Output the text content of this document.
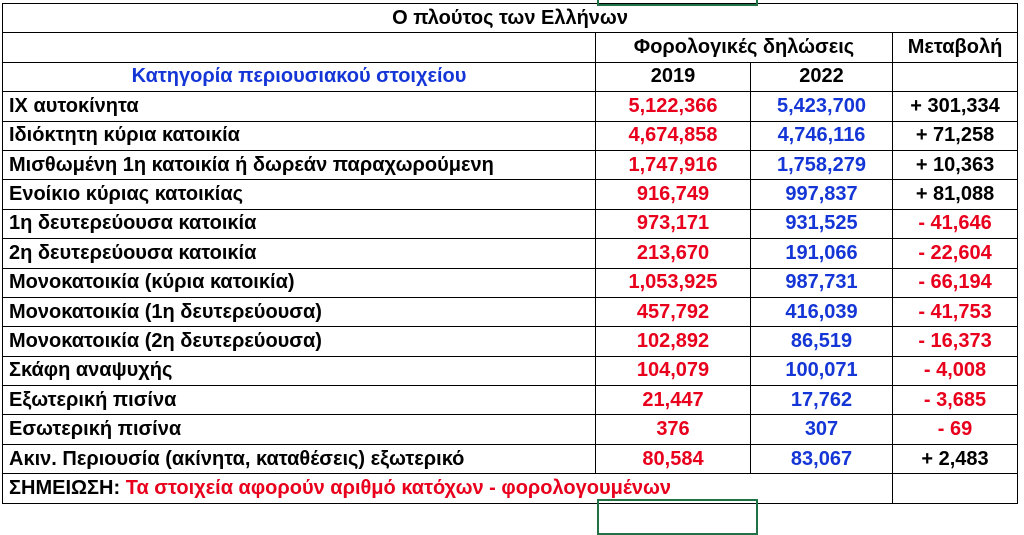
Ο πλούτος των Ελλήνων			
	Φορολογικές δηλώσεις		Μεταβολή
Κατηγορία περιουσιακού στοιχείου	2019	2022	
ΙΧ αυτοκίνητα	5,122,366	5,423,700	+ 301,334
Ιδιόκτητη κύρια κατοικία	4,674,858	4,746,116	+ 71,258
Μισθωμένη 1η κατοικία ή δωρεάν παραχωρούμενη	1,747,916	1,758,279	+ 10,363
Ενοίκιο κύριας κατοικίας	916,749	997,837	+ 81,088
1η δευτερεύουσα κατοικία	973,171	931,525	- 41,646
2η δευτερεύουσα κατοικία	213,670	191,066	- 22,604
Μονοκατοικία (κύρια κατοικία)	1,053,925	987,731	- 66,194
Μονοκατοικία (1η δευτερεύουσα)	457,792	416,039	- 41,753
Μονοκατοικία (2η δευτερεύουσα)	102,892	86,519	- 16,373
Σκάφη αναψυχής	104,079	100,071	- 4,008
Εξωτερική πισίνα	21,447	17,762	- 3,685
Εσωτερική πισίνα	376	307	- 69
Ακιν. Περιουσία (ακίνητα, καταθέσεις) εξωτερικό	80,584	83,067	+ 2,483
ΣΗΜΕΙΩΣΗ: Τα στοιχεία αφορούν αριθμό κατόχων - φορολογουμένων			
